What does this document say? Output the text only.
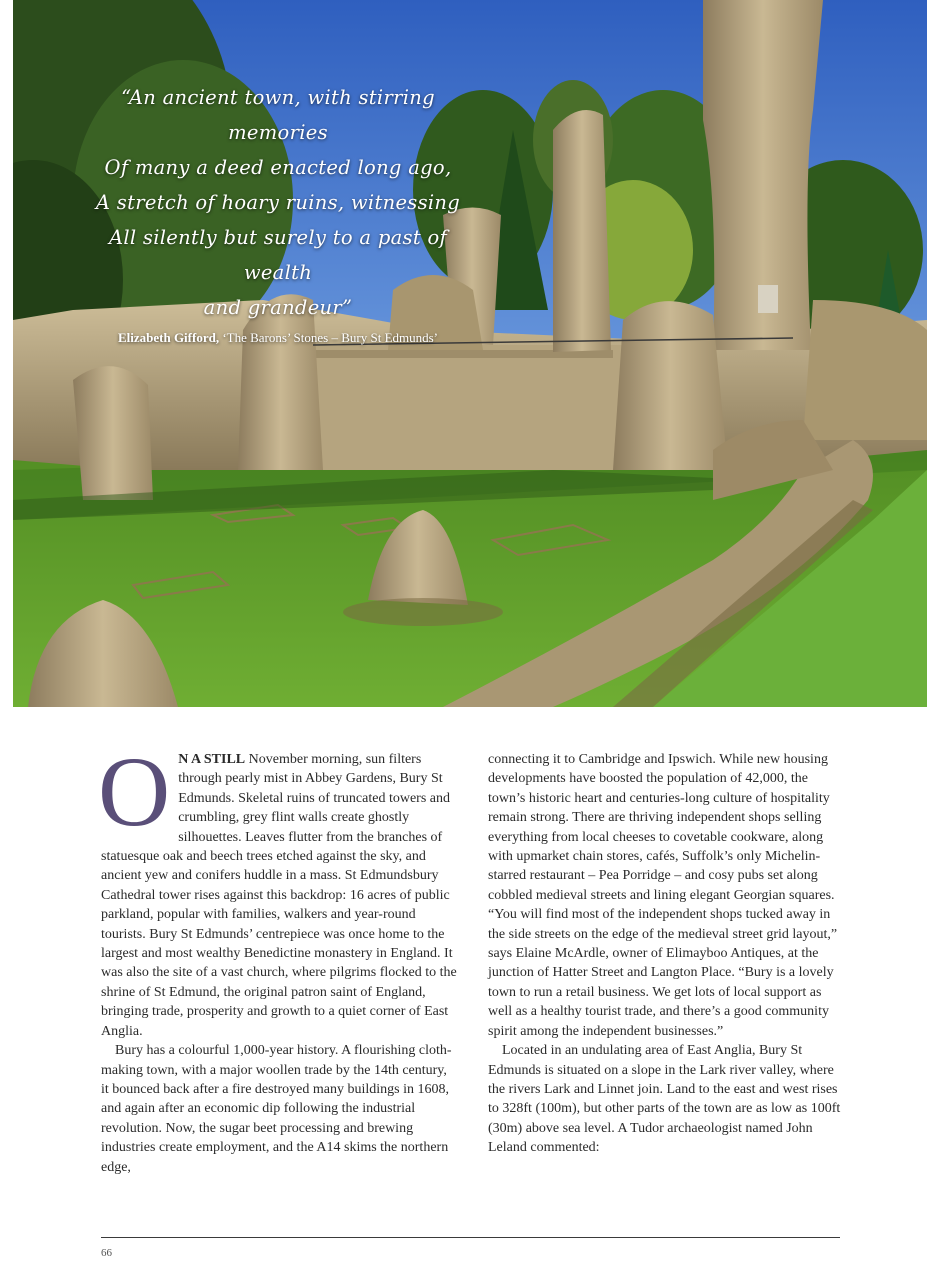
“An ancient town, with stirring memories
Of many a deed enacted long ago,
A stretch of hoary ruins, witnessing
All silently but surely to a past of wealth
and grandeur”
Elizabeth Gifford, ‘The Barons’ Stones – Bury St Edmunds’

O N A STILL November morning, sun filters through pearly mist in Abbey Gardens, Bury St Edmunds. Skeletal ruins of truncated towers and crumbling, grey flint walls create ghostly silhouettes. Leaves flutter from the branches of statuesque oak and beech trees etched against the sky, and ancient yew and conifers huddle in a mass. St Edmundsbury Cathedral tower rises against this backdrop: 16 acres of public parkland, popular with families, walkers and year-round tourists. Bury St Edmunds’ centrepiece was once home to the largest and most wealthy Benedictine monastery in England. It was also the site of a vast church, where pilgrims flocked to the shrine of St Edmund, the original patron saint of England, bringing trade, prosperity and growth to a quiet corner of East Anglia.

Bury has a colourful 1,000-year history. A flourishing cloth-making town, with a major woollen trade by the 14th century, it bounced back after a fire destroyed many buildings in 1608, and again after an economic dip following the industrial revolution. Now, the sugar beet processing and brewing industries create employment, and the A14 skims the northern edge,

connecting it to Cambridge and Ipswich. While new housing developments have boosted the population of 42,000, the town’s historic heart and centuries-long culture of hospitality remain strong. There are thriving independent shops selling everything from local cheeses to covetable cookware, along with upmarket chain stores, cafés, Suffolk’s only Michelin-starred restaurant – Pea Porridge – and cosy pubs set along cobbled medieval streets and lining elegant Georgian squares. “You will find most of the independent shops tucked away in the side streets on the edge of the medieval street grid layout,” says Elaine McArdle, owner of Elimayboo Antiques, at the junction of Hatter Street and Langton Place. “Bury is a lovely town to run a retail business. We get lots of local support as well as a healthy tourist trade, and there’s a good community spirit among the independent businesses.”

Located in an undulating area of East Anglia, Bury St Edmunds is situated on a slope in the Lark river valley, where the rivers Lark and Linnet join. Land to the east and west rises to 328ft (100m), but other parts of the town are as low as 100ft (30m) above sea level. A Tudor archaeologist named John Leland commented:

66
